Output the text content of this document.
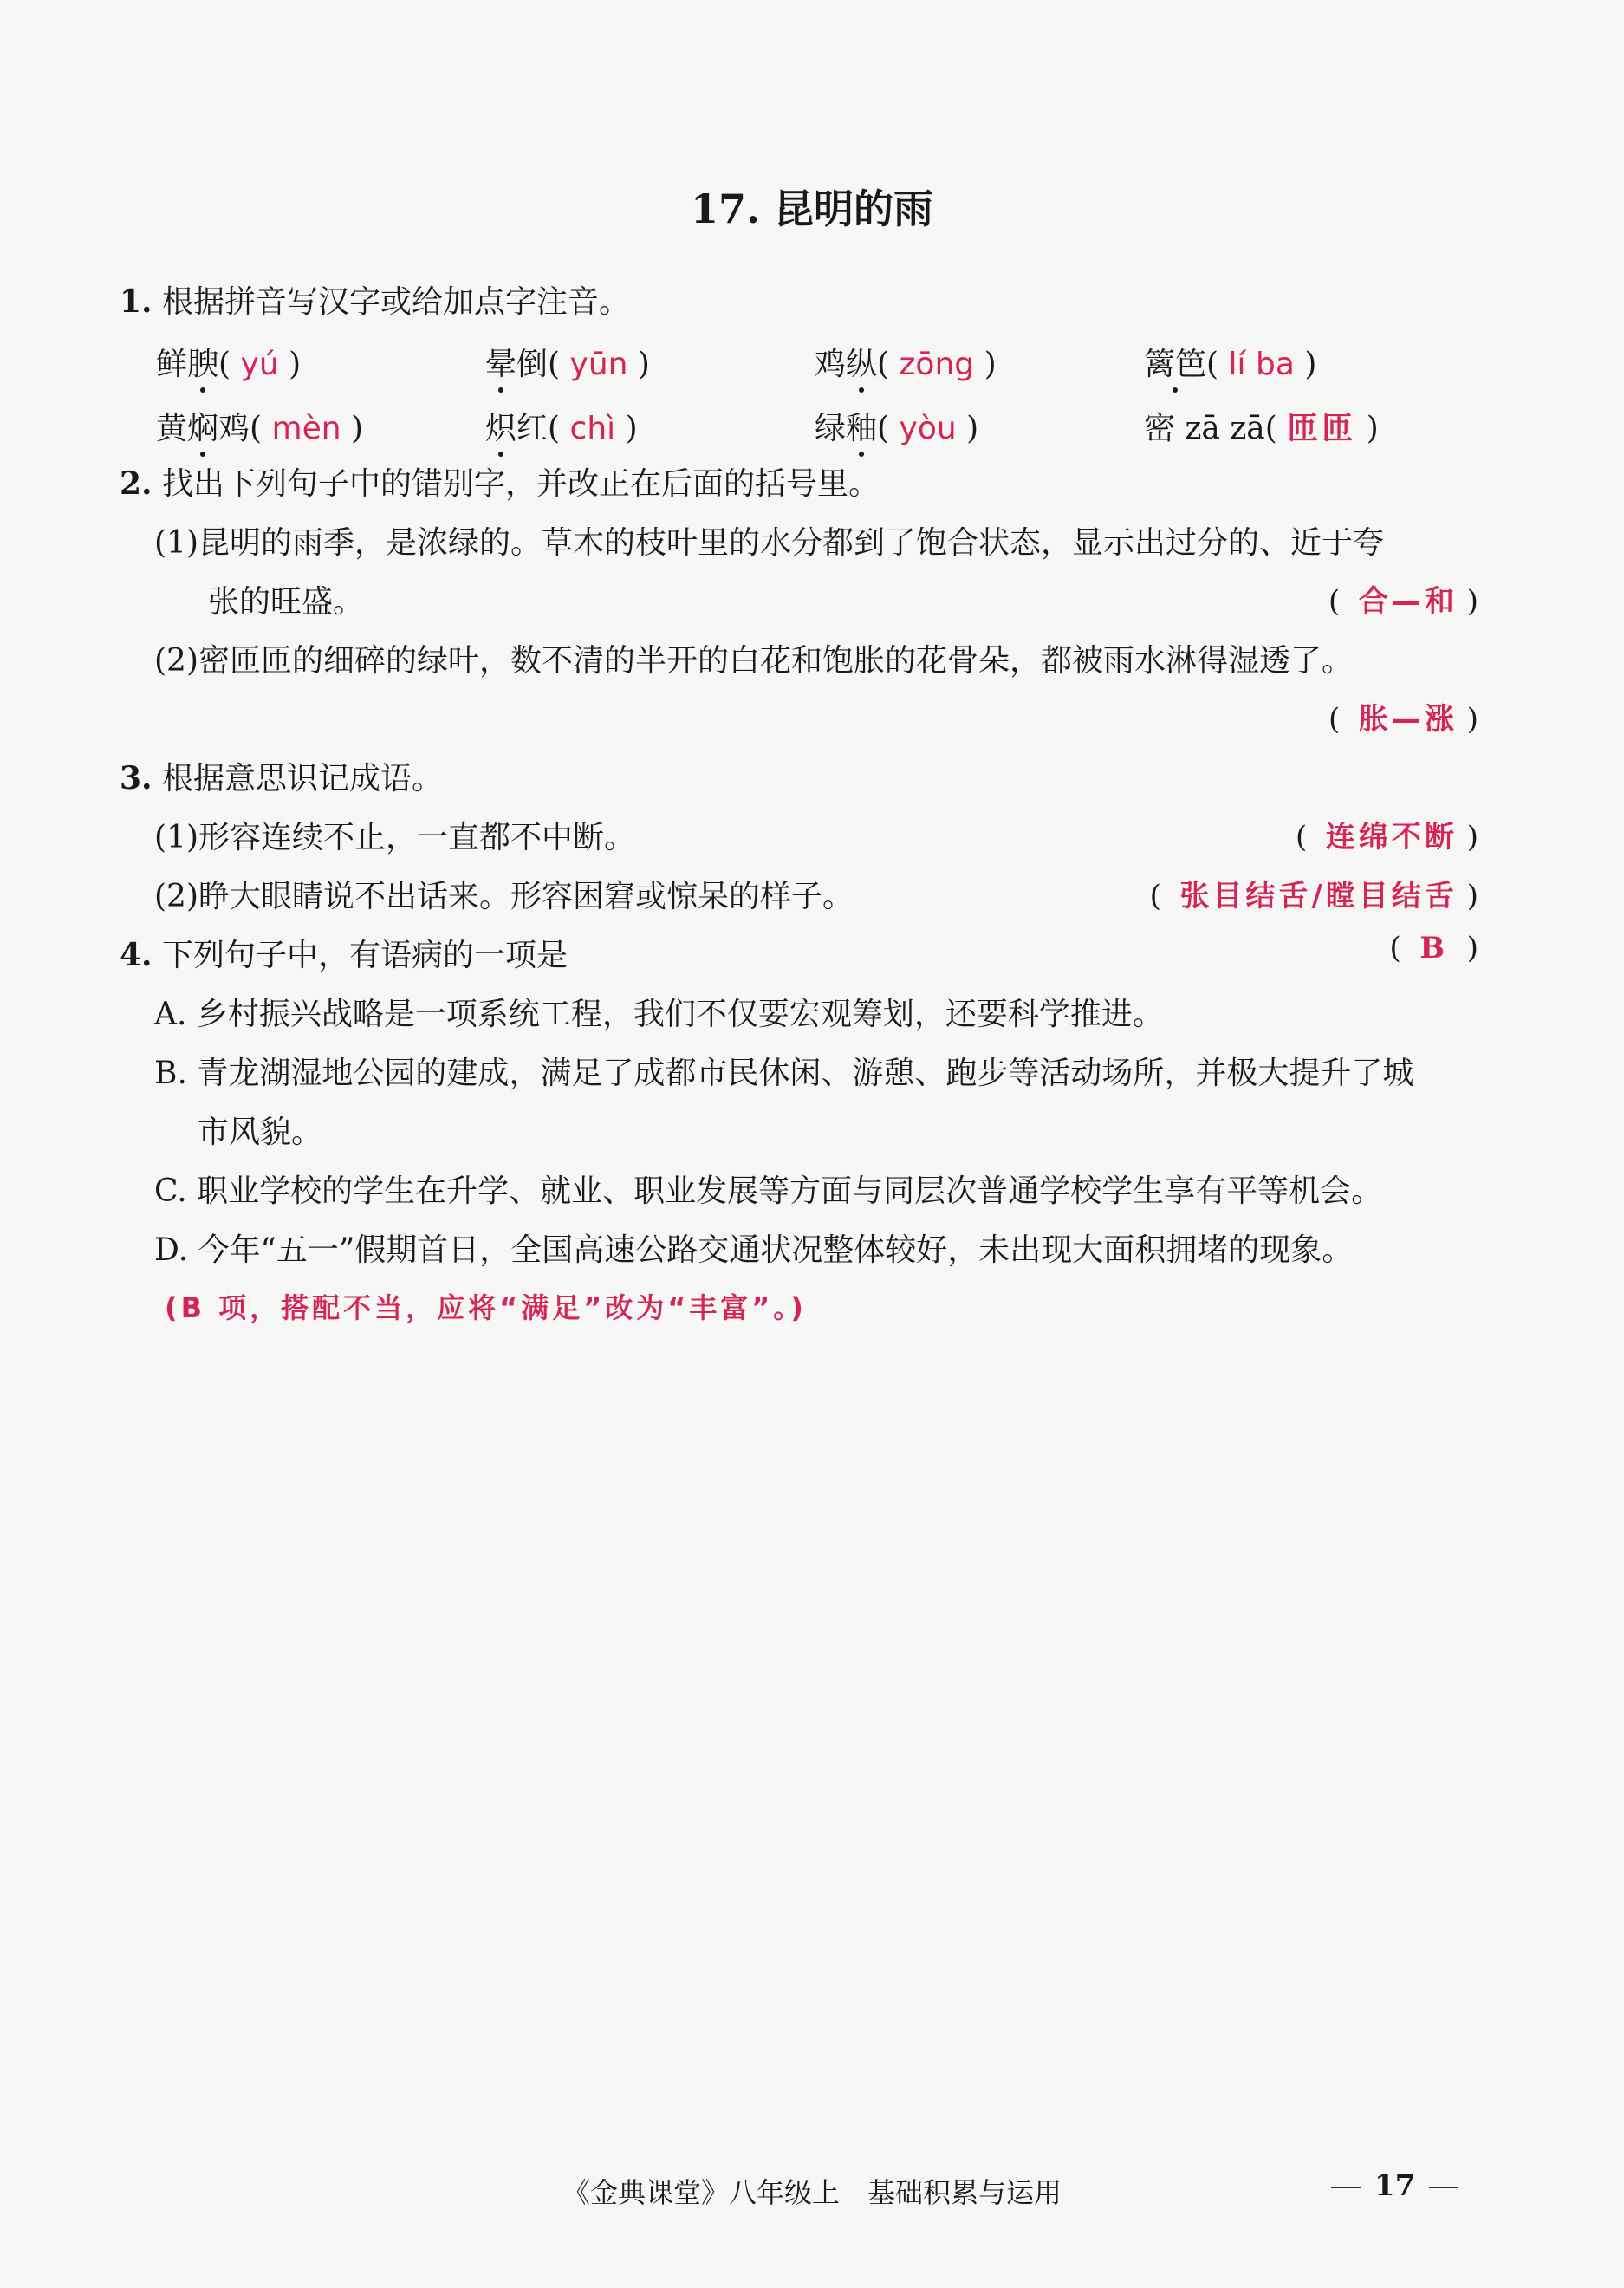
17. 昆明的雨
1. 根据拼音写汉字或给加点字注音。
鲜腴( yú )	晕倒( yūn )	鸡纵( zōng )	篱笆( lí ba )
黄焖鸡( mèn )	炽红( chì )	绿釉( yòu )	密 zā zā( 匝匝 )
2. 找出下列句子中的错别字，并改正在后面的括号里。
(1)昆明的雨季，是浓绿的。草木的枝叶里的水分都到了饱合状态，显示出过分的、近于夸
张的旺盛。	(  合—和 )
(2)密匝匝的细碎的绿叶，数不清的半开的白花和饱胀的花骨朵，都被雨水淋得湿透了。
(  胀—涨 )
3. 根据意思识记成语。
(1)形容连续不止，一直都不中断。	(  连绵不断 )
(2)睁大眼睛说不出话来。形容困窘或惊呆的样子。	(  张目结舌/瞠目结舌 )
4. 下列句子中，有语病的一项是	(  B  )
A. 乡村振兴战略是一项系统工程，我们不仅要宏观筹划，还要科学推进。
B. 青龙湖湿地公园的建成，满足了成都市民休闲、游憩、跑步等活动场所，并极大提升了城
市风貌。
C. 职业学校的学生在升学、就业、职业发展等方面与同层次普通学校学生享有平等机会。
D. 今年“五一”假期首日，全国高速公路交通状况整体较好，未出现大面积拥堵的现象。
(B 项，搭配不当，应将“满足”改为“丰富”。)
《金典课堂》八年级上　基础积累与运用	17
